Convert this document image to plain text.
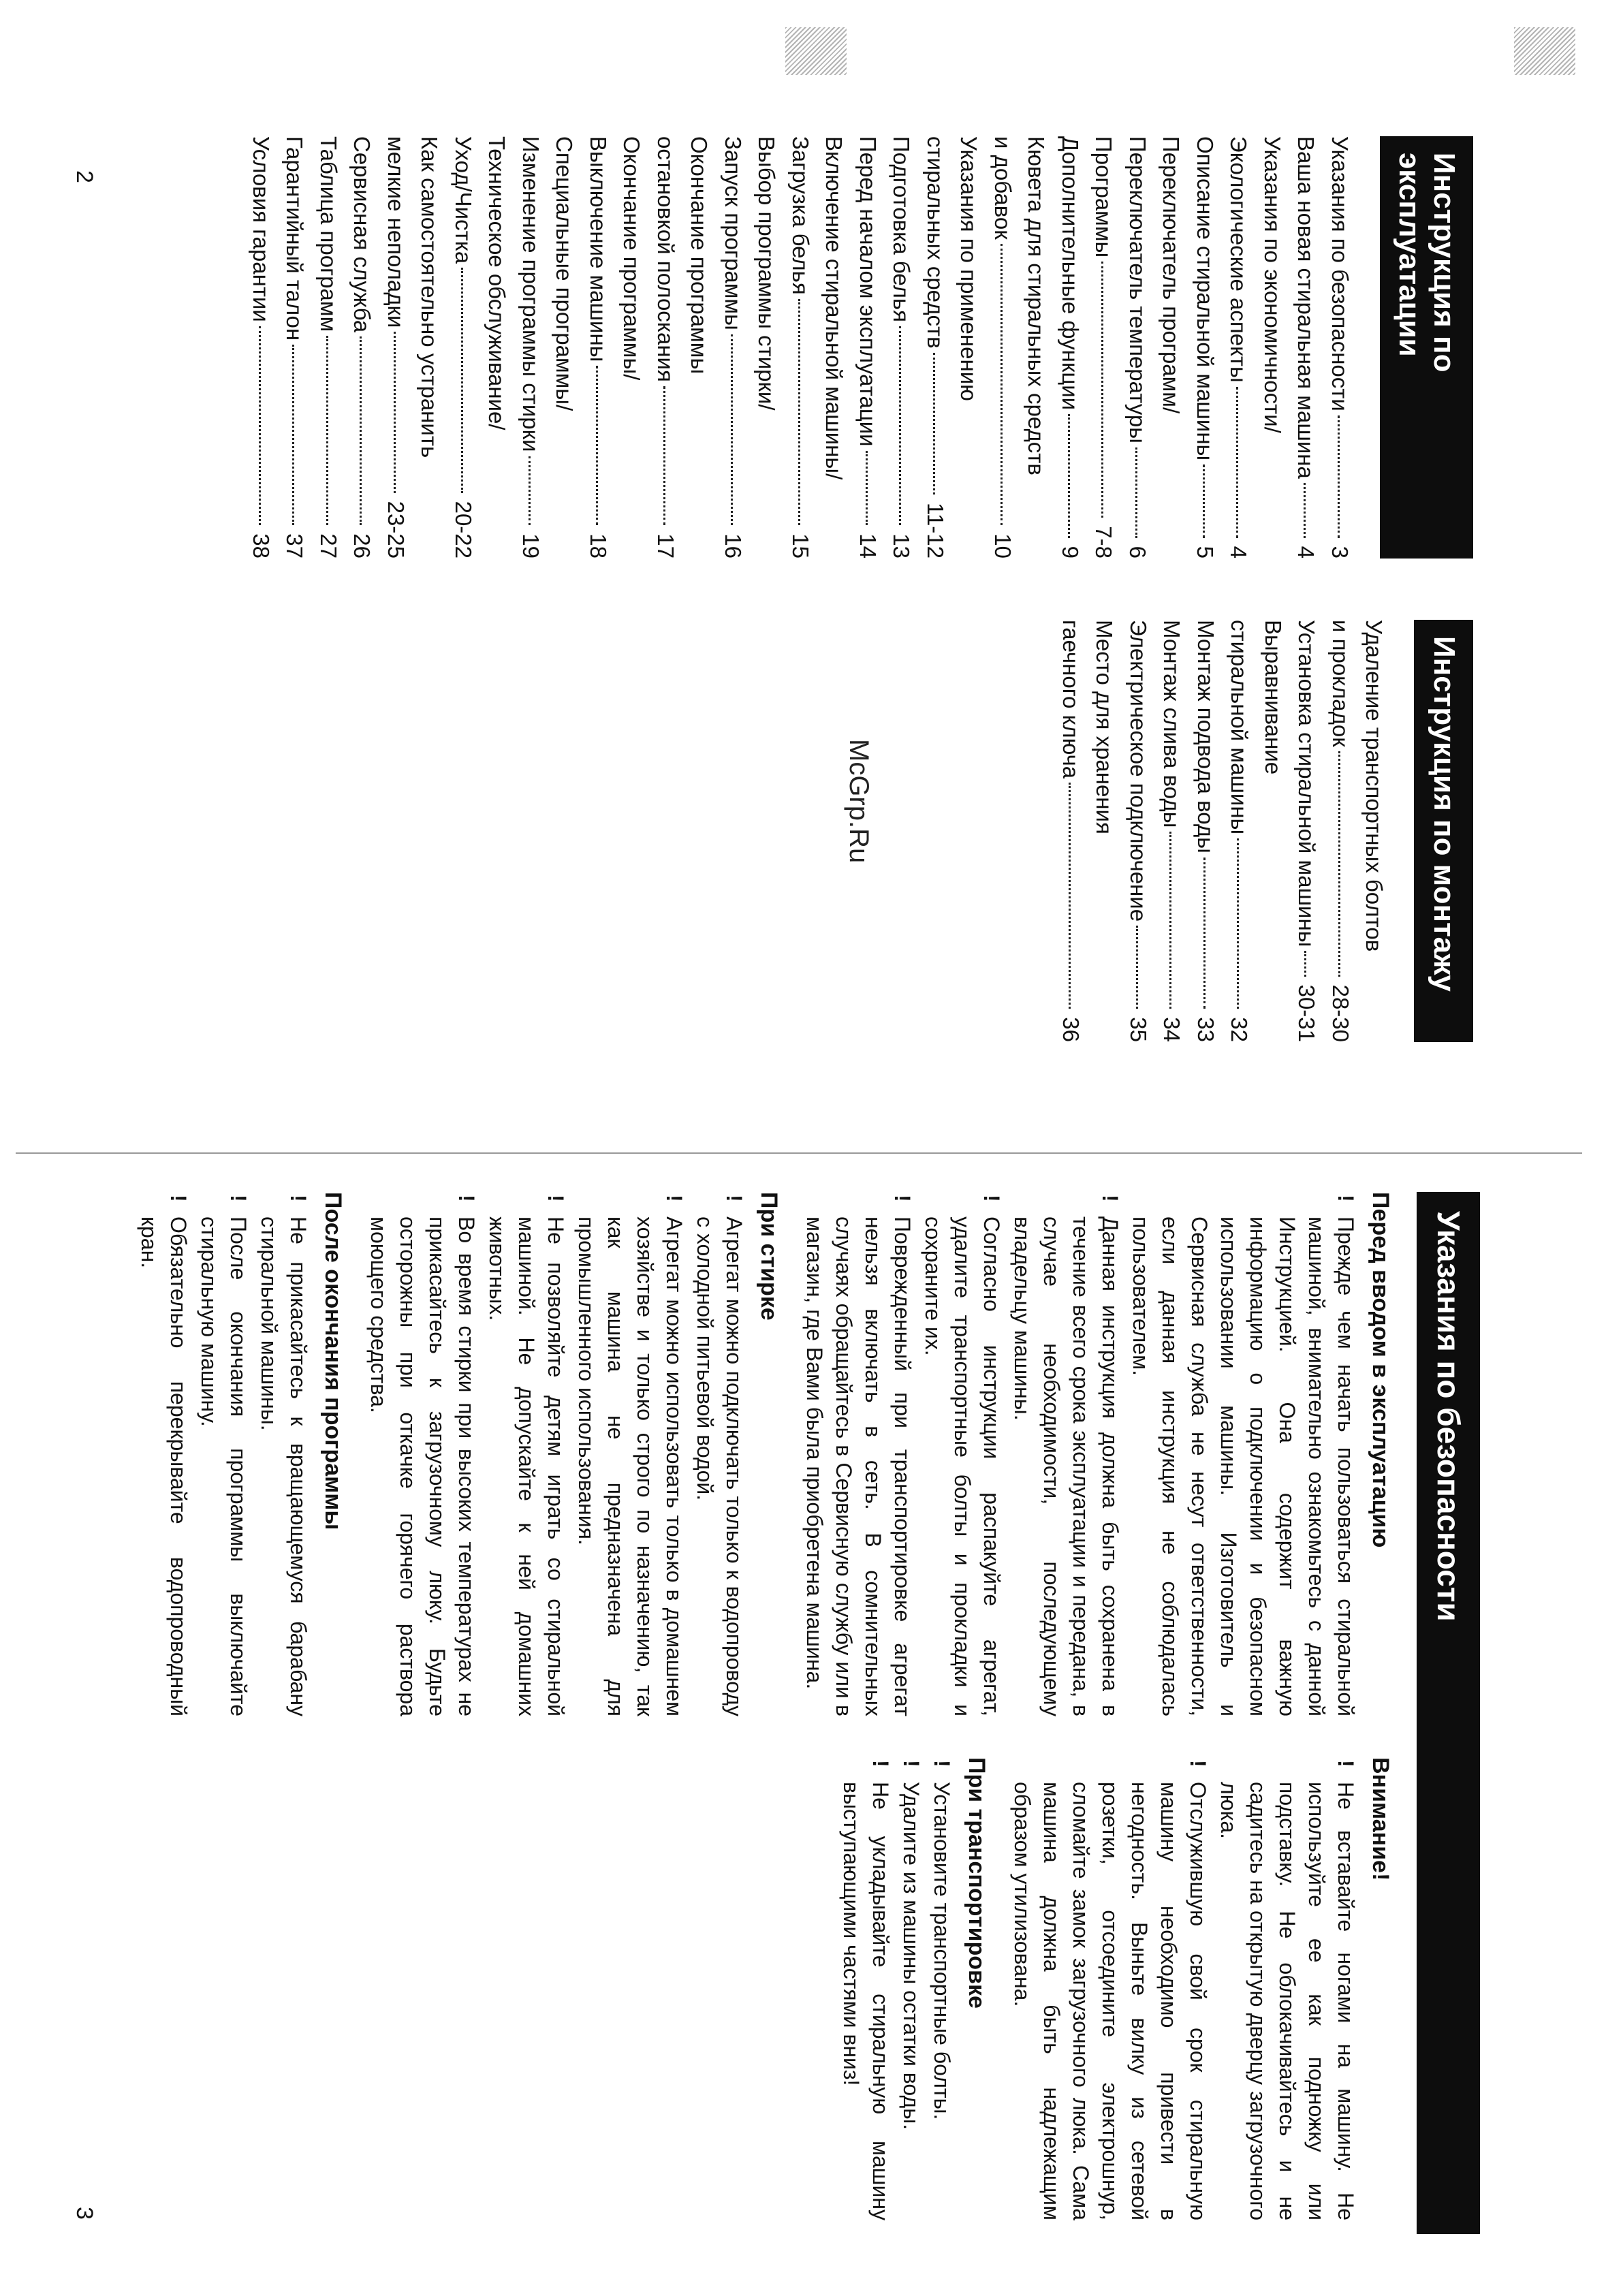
Инструкция по эксплуатации
Указания по безопасности
3
Ваша новая стиральная машина
4
Указания по экономичности/
Экологические аспекты
4
Описание стиральной машины
5
Переключатель программ/
Переключатель температуры
6
Программы
7-8
Дополнительные функции
9
Кювета для стиральных средств
и добавок
10
Указания по применению
стиральных средств
11-12
Подготовка белья
13
Перед началом эксплуатации
14
Включение стиральной машины/
Загрузка белья
15
Выбор программы стирки/
Запуск программы
16
Окончание программы
остановкой полоскания
17
Окончание программы/
Выключение машины
18
Специальные программы/
Изменение программы стирки
19
Техническое обслуживание/
Уход/Чистка
20-22
Как самостоятельно устранить
мелкие неполадки
23-25
Сервисная служба
26
Таблица программ
27
Гарантийный талон
37
Условия гарантии
38
Инструкция по монтажу
Удаление транспортных болтов
и прокладок
28-30
Установка стиральной машины
30-31
Выравнивание
стиральной машины
32
Монтаж подвода воды
33
Монтаж слива воды
34
Электрическое подключение
35
Место для хранения
гаечного ключа
36
2
McGrp.Ru
Указания по безопасности
Перед вводом в эксплуатацию
! Прежде чем начать пользоваться стиральной машиной, внимательно ознакомьтесь с данной Инструкцией. Она содержит важную информацию о подключении и безопасном использовании машины. Изготовитель и Сервисная служба не несут ответственности, если данная инструкция не соблюдалась пользователем.
! Данная инструкция должна быть сохранена в течение всего срока эксплуатации и передана, в случае необходимости, последующему владельцу машины.
! Согласно инструкции распакуйте агрегат, удалите транспортные болты и прокладки и сохраните их.
! Поврежденный при транспортировке агрегат нельзя включать в сеть. В сомнительных случаях обращайтесь в Сервисную службу или в магазин, где Вами была приобретена машина.
При стирке
! Агрегат можно подключать только к водопроводу с холодной питьевой водой.
! Агрегат можно использовать только в домашнем хозяйстве и только строго по назначению, так как машина не предназначена для промышленного использования.
! Не позволяйте детям играть со стиральной машиной. Не допускайте к ней домашних животных.
! Во время стирки при высоких температурах не прикасайтесь к загрузочному люку. Будьте осторожны при откачке горячего раствора моющего средства.
После окончания программы
! Не прикасайтесь к вращающемуся барабану стиральной машины.
! После окончания программы выключайте стиральную машину.
! Обязательно перекрывайте водопроводный кран.
Внимание!
! Не вставайте ногами на машину. Не используйте ее как подножку или подставку. Не облокачивайтесь и не садитесь на открытую дверцу загрузочного люка.
! Отслужившую свой срок стиральную машину необходимо привести в негодность. Выньте вилку из сетевой розетки, отсоедините электрошнур, сломайте замок загрузочного люка. Сама машина должна быть надлежащим образом утилизована.
При транспортировке
! Установите транспортные болты.
! Удалите из машины остатки воды.
! Не укладывайте стиральную машину выступающими частями вниз!
3
